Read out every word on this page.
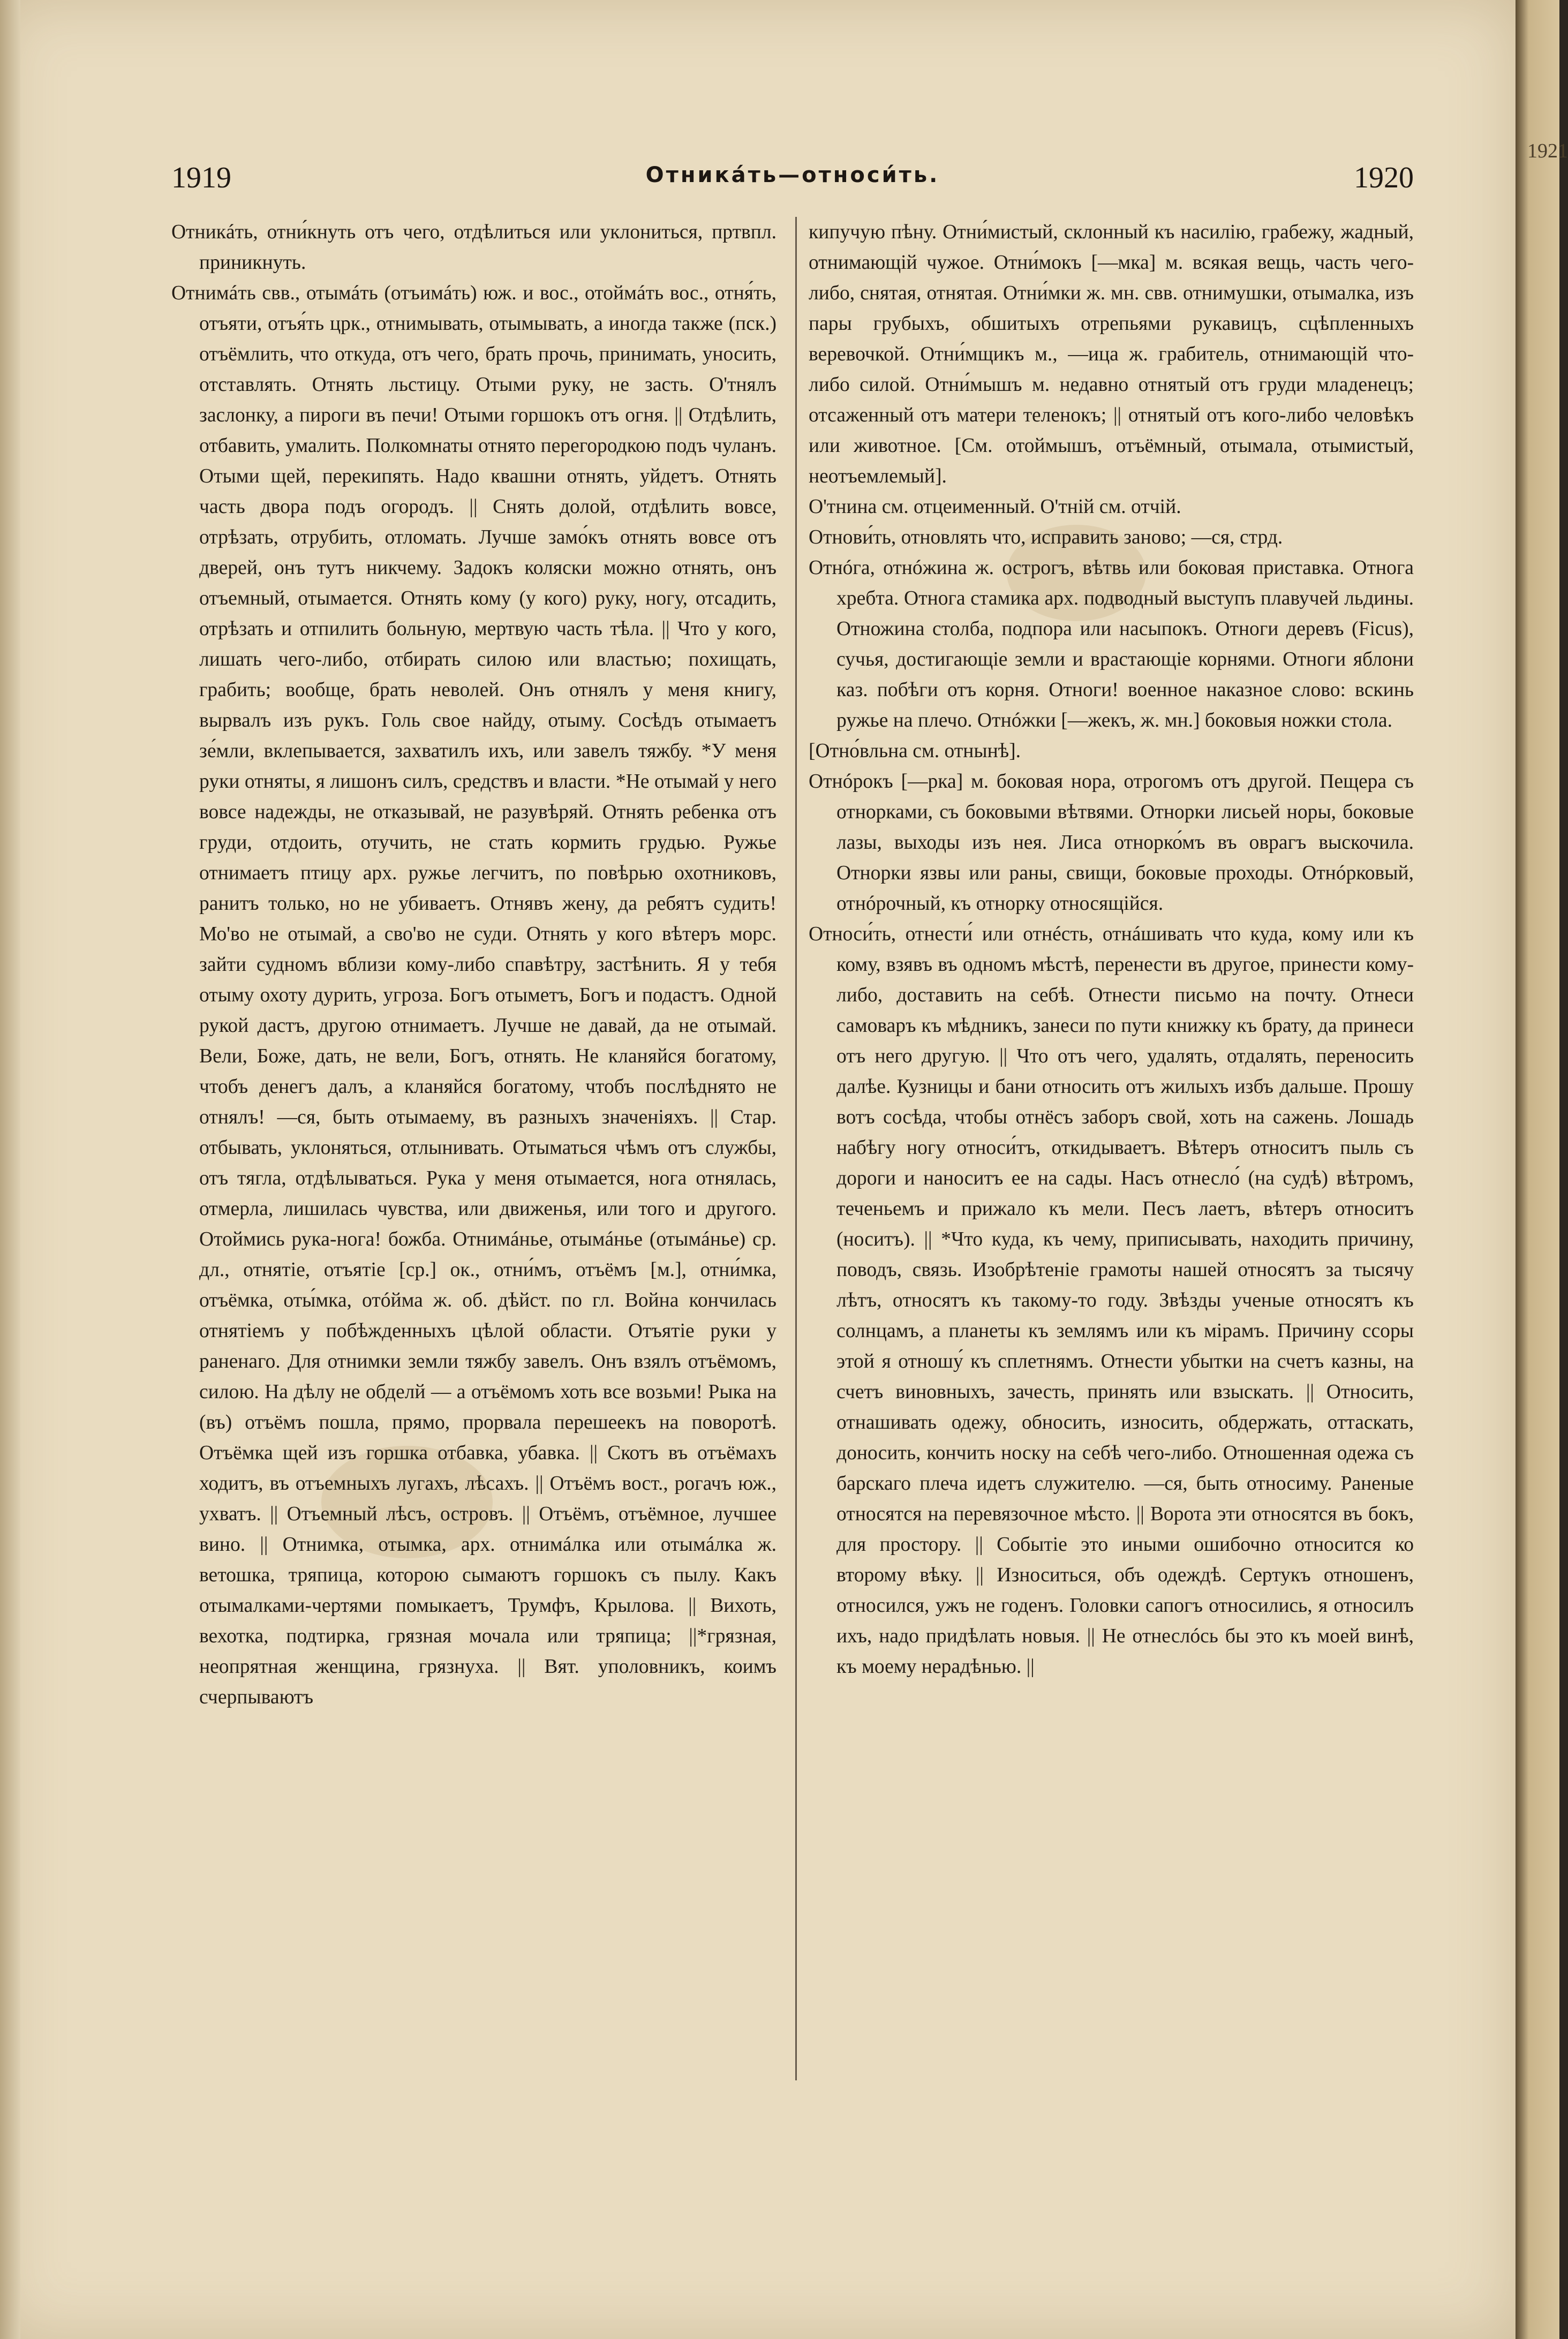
1919	Отникáть—относи́ть.	1920

Отникáть, отни́кнуть отъ чего, отдѣлиться или уклониться, пртвпл. приникнуть.

Отнимáть свв., отымáть (отъимáть) юж. и вос., отоймáть вос., отня́ть, отъяти, отъя́ть црк., отнимывать, отымывать, а иногда также (пск.) отъёмлить, что откуда, отъ чего, брать прочь, принимать, уносить, отставлять. Отнять льстицу. Отыми руку, не засть. О'тнялъ заслонку, а пироги въ печи! Отыми горшокъ отъ огня. || Отдѣлить, отбавить, умалить. Полкомнаты отнято перегородкою подъ чуланъ. Отыми щей, перекипять. Надо квашни отнять, уйдетъ. Отнять часть двора подъ огородъ. || Снять долой, отдѣлить вовсе, отрѣзать, отрубить, отломать. Лучше замо́къ отнять вовсе отъ дверей, онъ тутъ никчему. Задокъ коляски можно отнять, онъ отъемный, отымается. Отнять кому (у кого) руку, ногу, отсадить, отрѣзать и отпилить больную, мертвую часть тѣла. || Что у кого, лишать чего-либо, отбирать силою или властью; похищать, грабить; вообще, брать неволей. Онъ отнялъ у меня книгу, вырвалъ изъ рукъ. Голь свое найду, отыму. Сосѣдъ отымаетъ зе́мли, вклепывается, захватилъ ихъ, или завелъ тяжбу. *У меня руки отняты, я лишонъ силъ, средствъ и власти. *Не отымай у него вовсе надежды, не отказывай, не разувѣряй. Отнять ребенка отъ груди, отдоить, отучить, не стать кормить грудью. Ружье отнимаетъ птицу арх. ружье легчитъ, по повѣрью охотниковъ, ранитъ только, но не убиваетъ. Отнявъ жену, да ребятъ судить! Мо'во не отымай, а сво'во не суди. Отнять у кого вѣтеръ морс. зайти судномъ вблизи кому-либо спавѣтру, застѣнить. Я у тебя отыму охоту дурить, угроза. Богъ отыметъ, Богъ и подастъ. Одной рукой дастъ, другою отнимаетъ. Лучше не давай, да не отымай. Вели, Боже, дать, не вели, Богъ, отнять. Не кланяйся богатому, чтобъ денегъ далъ, а кланяйся богатому, чтобъ послѣднято не отнялъ! —ся, быть отымаему, въ разныхъ значеніяхъ. || Стар. отбывать, уклоняться, отлынивать. Отыматься чѣмъ отъ службы, отъ тягла, отдѣлываться. Рука у меня отымается, нога отнялась, отмерла, лишилась чувства, или движенья, или того и другого. Отоймись рука-нога! божба. Отнимáнье, отымáнье (отымáнье) ср. дл., отнятіе, отъятіе [ср.] ок., отни́мъ, отъёмъ [м.], отни́мка, отъёмка, оты́мка, отóйма ж. об. дѣйст. по гл. Война кончилась отнятіемъ у побѣжденныхъ цѣлой области. Отъятіе руки у раненаго. Для отнимки земли тяжбу завелъ. Онъ взялъ отъёмомъ, силою. На дѣлу не обделй — а отъёмомъ хоть все возьми! Рыка на (въ) отъёмъ пошла, прямо, прорвала перешеекъ на поворотѣ. Отъёмка щей изъ горшка отбавка, убавка. || Скотъ въ отъёмахъ ходитъ, въ отъемныхъ лугахъ, лѣсахъ. || Отъёмъ вост., рогачъ юж., ухватъ. || Отъемный лѣсъ, островъ. || Отъёмъ, отъёмное, лучшее вино. || Отнимка, отымка, арх. отнимáлка или отымáлка ж. ветошка, тряпица, которою сымаютъ горшокъ съ пылу. Какъ отымалками-чертями помыкаетъ, Трумфъ, Крылова. || Вихоть, вехотка, подтирка, грязная мочала или тряпица; ||*грязная, неопрятная женщина, грязнуха. || Вят. уполовникъ, коимъ счерпываютъ

кипучую пѣну. Отни́мистый, склонный къ насилію, грабежу, жадный, отнимающій чужое. Отни́мокъ [—мка] м. всякая вещь, часть чего-либо, снятая, отнятая. Отни́мки ж. мн. свв. отнимушки, отымалка, изъ пары грубыхъ, обшитыхъ отрепьями рукавицъ, сцѣпленныхъ веревочкой. Отни́мщикъ м., —ица ж. грабитель, отнимающій что-либо силой. Отни́мышъ м. недавно отнятый отъ груди младенецъ; отсаженный отъ матери теленокъ; || отнятый отъ кого-либо человѣкъ или животное. [См. отоймышъ, отъёмный, отымала, отымистый, неотъемлемый].

О'тнина см. отцеименный. О'тній см. отчій.

Отнови́ть, отновлять что, исправить заново; —ся, стрд.

Отнóга, отнóжина ж. острогъ, вѣтвь или боковая приставка. Отнога хребта. Отнога стамика арх. подводный выступъ плавучей льдины. Отножина столба, подпора или насыпокъ. Отноги деревъ (Ficus), сучья, достигающіе земли и врастающіе корнями. Отноги яблони каз. побѣги отъ корня. Отноги! военное наказное слово: вскинь ружье на плечо. Отнóжки [—жекъ, ж. мн.] боковыя ножки стола.

[Отно́вльна см. отнынѣ].

Отнóрокъ [—рка] м. боковая нора, отрогомъ отъ другой. Пещера съ отнорками, съ боковыми вѣтвями. Отнорки лисьей норы, боковые лазы, выходы изъ нея. Лиса отнорко́мъ въ оврагъ выскочила. Отнорки язвы или раны, свищи, боковые проходы. Отнóрковый, отнóрочный, къ отнорку относящійся.

Относи́ть, отнести́ или отнéсть, отнáшивать что куда, кому или къ кому, взявъ въ одномъ мѣстѣ, перенести въ другое, принести кому-либо, доставить на себѣ. Отнести письмо на почту. Отнеси самоваръ къ мѣдникъ, занеси по пути книжку къ брату, да принеси отъ него другую. || Что отъ чего, удалять, отдалять, переносить далѣе. Кузницы и бани относить отъ жилыхъ избъ дальше. Прошу вотъ сосѣда, чтобы отнёсъ заборъ свой, хоть на сажень. Лошадь набѣгу ногу относи́тъ, откидываетъ. Вѣтеръ относитъ пыль съ дороги и наноситъ ее на сады. Насъ отнесло́ (на судѣ) вѣтромъ, теченьемъ и прижало къ мели. Песъ лаетъ, вѣтеръ относитъ (носитъ). || *Что куда, къ чему, приписывать, находить причину, поводъ, связь. Изобрѣтеніе грамоты нашей относятъ за тысячу лѣтъ, относятъ къ такому-то году. Звѣзды ученые относятъ къ солнцамъ, а планеты къ землямъ или къ мірамъ. Причину ссоры этой я отношу́ къ сплетнямъ. Отнести убытки на счетъ казны, на счетъ виновныхъ, зачесть, принять или взыскать. || Относить, отнашивать одежу, обносить, износить, обдержать, оттаскать, доносить, кончить носку на себѣ чего-либо. Отношенная одежа съ барскаго плеча идетъ служителю. —ся, быть относиму. Раненые относятся на перевязочное мѣсто. || Ворота эти относятся въ бокъ, для простору. || Событіе это иными ошибочно относится ко второму вѣку. || Износиться, объ одеждѣ. Сертукъ отношенъ, относился, ужъ не годенъ. Головки сапогъ относились, я относилъ ихъ, надо придѣлать новыя. || Не отнеслóсь бы это къ моей винѣ, къ моему нерадѣнью. ||

1921
